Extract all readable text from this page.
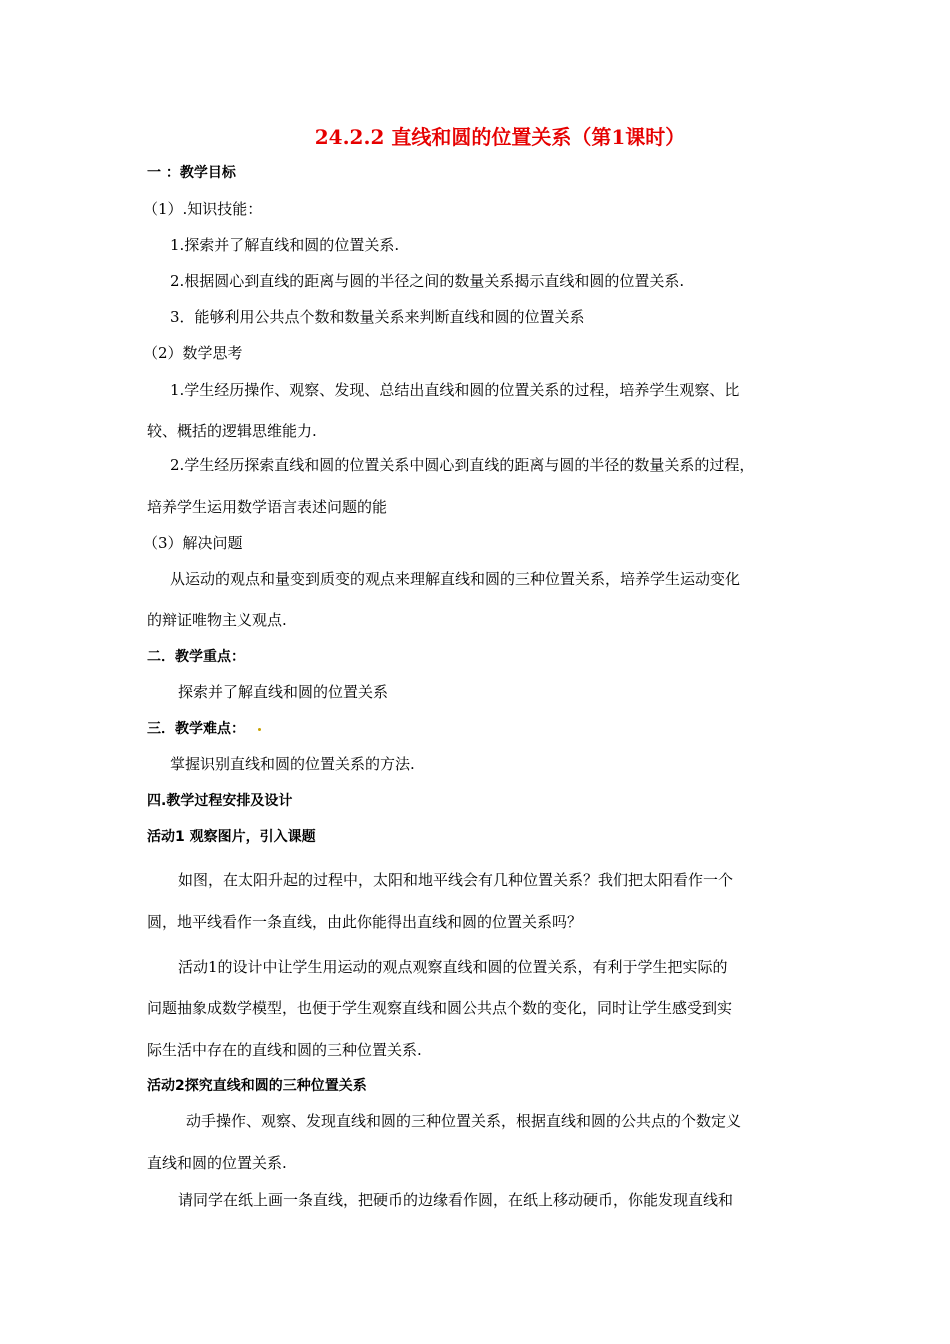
24.2.2 直线和圆的位置关系（第1课时）
一 ：教学目标
（1）.知识技能：
1.探索并了解直线和圆的位置关系.
2.根据圆心到直线的距离与圆的半径之间的数量关系揭示直线和圆的位置关系.
3．能够利用公共点个数和数量关系来判断直线和圆的位置关系
（2）数学思考
1.学生经历操作、观察、发现、总结出直线和圆的位置关系的过程，培养学生观察、比
较、概括的逻辑思维能力.
2.学生经历探索直线和圆的位置关系中圆心到直线的距离与圆的半径的数量关系的过程，
培养学生运用数学语言表述问题的能
（3）解决问题
从运动的观点和量变到质变的观点来理解直线和圆的三种位置关系，培养学生运动变化
的辩证唯物主义观点.
二．教学重点：
探索并了解直线和圆的位置关系
三．教学难点：
掌握识别直线和圆的位置关系的方法.
四.教学过程安排及设计
活动1 观察图片，引入课题
如图，在太阳升起的过程中，太阳和地平线会有几种位置关系？我们把太阳看作一个
圆，地平线看作一条直线，由此你能得出直线和圆的位置关系吗？
活动1的设计中让学生用运动的观点观察直线和圆的位置关系，有利于学生把实际的
问题抽象成数学模型，也便于学生观察直线和圆公共点个数的变化，同时让学生感受到实
际生活中存在的直线和圆的三种位置关系.
活动2探究直线和圆的三种位置关系
动手操作、观察、发现直线和圆的三种位置关系，根据直线和圆的公共点的个数定义
直线和圆的位置关系.
请同学在纸上画一条直线，把硬币的边缘看作圆，在纸上移动硬币，你能发现直线和
